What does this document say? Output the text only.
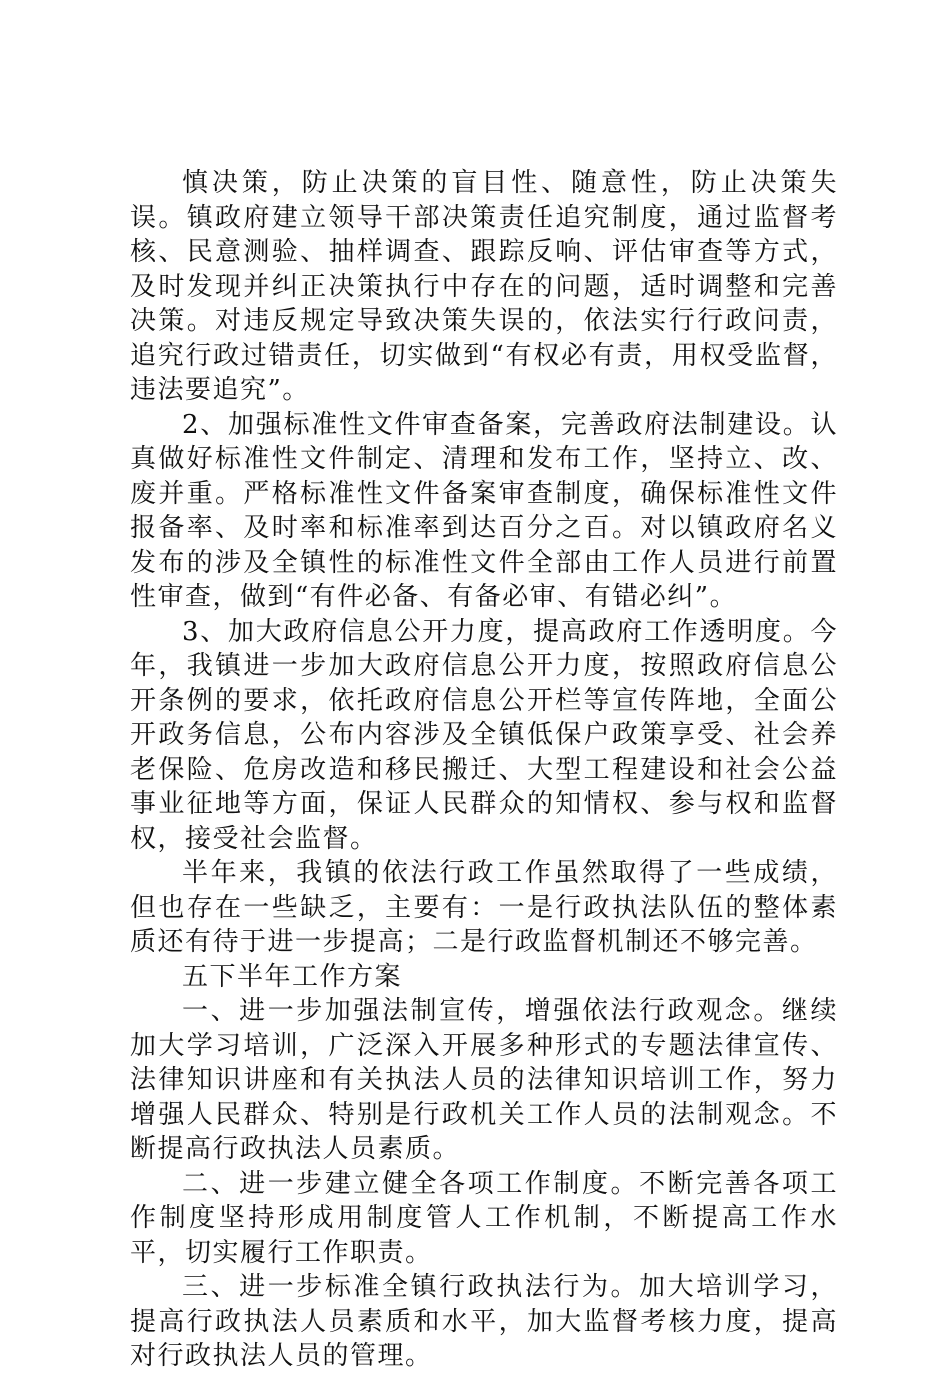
慎决策，防止决策的盲目性、随意性，防止决策失误。镇政府建立领导干部决策责任追究制度，通过监督考核、民意测验、抽样调查、跟踪反响、评估审查等方式，及时发现并纠正决策执行中存在的问题，适时调整和完善决策。对违反规定导致决策失误的，依法实行行政问责，追究行政过错责任，切实做到“有权必有责，用权受监督，违法要追究”。

2、加强标准性文件审查备案，完善政府法制建设。认真做好标准性文件制定、清理和发布工作，坚持立、改、废并重。严格标准性文件备案审查制度，确保标准性文件报备率、及时率和标准率到达百分之百。对以镇政府名义发布的涉及全镇性的标准性文件全部由工作人员进行前置性审查，做到“有件必备、有备必审、有错必纠”。

3、加大政府信息公开力度，提高政府工作透明度。今年，我镇进一步加大政府信息公开力度，按照政府信息公开条例的要求，依托政府信息公开栏等宣传阵地，全面公开政务信息，公布内容涉及全镇低保户政策享受、社会养老保险、危房改造和移民搬迁、大型工程建设和社会公益事业征地等方面，保证人民群众的知情权、参与权和监督权，接受社会监督。

半年来，我镇的依法行政工作虽然取得了一些成绩，但也存在一些缺乏，主要有：一是行政执法队伍的整体素质还有待于进一步提高；二是行政监督机制还不够完善。

五下半年工作方案

一、进一步加强法制宣传，增强依法行政观念。继续加大学习培训，广泛深入开展多种形式的专题法律宣传、法律知识讲座和有关执法人员的法律知识培训工作，努力增强人民群众、特别是行政机关工作人员的法制观念。不断提高行政执法人员素质。

二、进一步建立健全各项工作制度。不断完善各项工作制度坚持形成用制度管人工作机制，不断提高工作水平，切实履行工作职责。

三、进一步标准全镇行政执法行为。加大培训学习，提高行政执法人员素质和水平，加大监督考核力度，提高对行政执法人员的管理。
